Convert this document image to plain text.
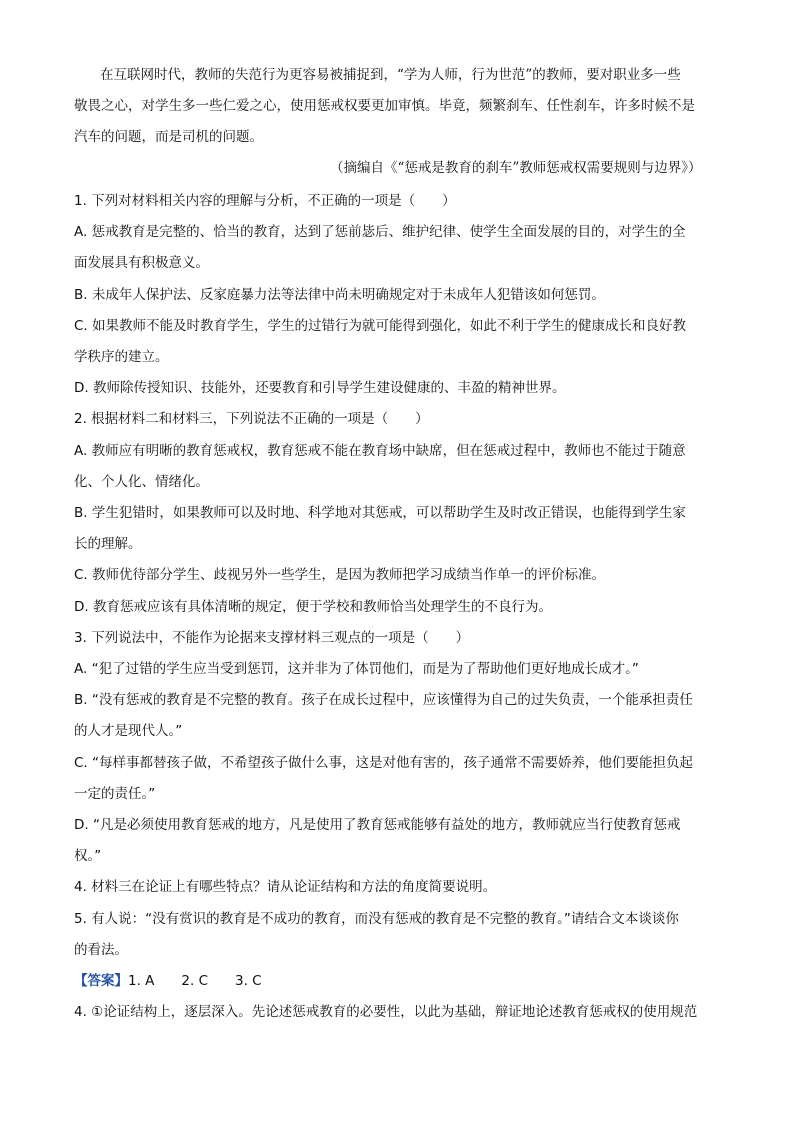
在互联网时代，教师的失范行为更容易被捕捉到，“学为人师，行为世范”的教师，要对职业多一些
敬畏之心，对学生多一些仁爱之心，使用惩戒权要更加审慎。毕竟，频繁刹车、任性刹车，许多时候不是
汽车的问题，而是司机的问题。
（摘编自《“惩戒是教育的刹车”教师惩戒权需要规则与边界》）
1. 下列对材料相关内容的理解与分析，不正确的一项是（　　）
A. 惩戒教育是完整的、恰当的教育，达到了惩前毖后、维护纪律、使学生全面发展的目的，对学生的全
面发展具有积极意义。
B. 未成年人保护法、反家庭暴力法等法律中尚未明确规定对于未成年人犯错该如何惩罚。
C. 如果教师不能及时教育学生，学生的过错行为就可能得到强化，如此不利于学生的健康成长和良好教
学秩序的建立。
D. 教师除传授知识、技能外，还要教育和引导学生建设健康的、丰盈的精神世界。
2. 根据材料二和材料三，下列说法不正确的一项是（　　）
A. 教师应有明晰的教育惩戒权，教育惩戒不能在教育场中缺席，但在惩戒过程中，教师也不能过于随意
化、个人化、情绪化。
B. 学生犯错时，如果教师可以及时地、科学地对其惩戒，可以帮助学生及时改正错误，也能得到学生家
长的理解。
C. 教师优待部分学生、歧视另外一些学生，是因为教师把学习成绩当作单一的评价标准。
D. 教育惩戒应该有具体清晰的规定，便于学校和教师恰当处理学生的不良行为。
3. 下列说法中，不能作为论据来支撑材料三观点的一项是（　　）
A. “犯了过错的学生应当受到惩罚，这并非为了体罚他们，而是为了帮助他们更好地成长成才。”
B. “没有惩戒的教育是不完整的教育。孩子在成长过程中，应该懂得为自己的过失负责，一个能承担责任
的人才是现代人。”
C. “每样事都替孩子做，不希望孩子做什么事，这是对他有害的，孩子通常不需要娇养，他们要能担负起
一定的责任。”
D. “凡是必须使用教育惩戒的地方，凡是使用了教育惩戒能够有益处的地方，教师就应当行使教育惩戒
权。”
4. 材料三在论证上有哪些特点？请从论证结构和方法的角度简要说明。
5. 有人说：“没有赏识的教育是不成功的教育，而没有惩戒的教育是不完整的教育。”请结合文本谈谈你
的看法。
【答案】1. A　　2. C　　3. C
4. ①论证结构上，逐层深入。先论述惩戒教育的必要性，以此为基础，辩证地论述教育惩戒权的使用规范
